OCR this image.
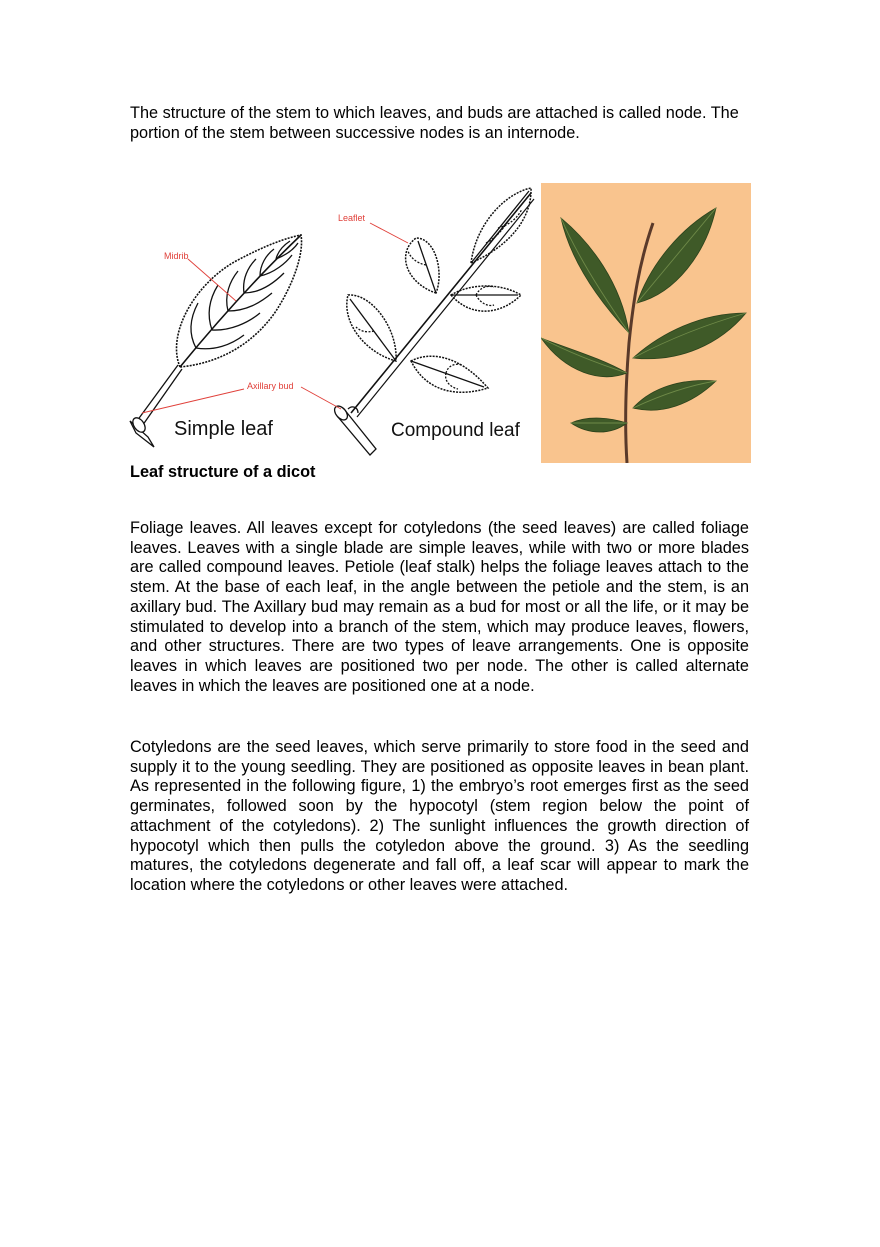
The structure of the stem to which leaves, and buds are attached is called node. The portion of the stem between successive nodes is an internode.

Midrib
Leaflet
Axillary bud
Simple leaf	Compound leaf

Leaf structure of a dicot

Foliage leaves. All leaves except for cotyledons (the seed leaves) are called foliage leaves. Leaves with a single blade are simple leaves, while with two or more blades are called compound leaves. Petiole (leaf stalk) helps the foliage leaves attach to the stem. At the base of each leaf, in the angle between the petiole and the stem, is an axillary bud. The Axillary bud may remain as a bud for most or all the life, or it may be stimulated to develop into a branch of the stem, which may produce leaves, flowers, and other structures. There are two types of leave arrangements. One is opposite leaves in which leaves are positioned two per node. The other is called alternate leaves in which the leaves are positioned one at a node.

Cotyledons are the seed leaves, which serve primarily to store food in the seed and supply it to the young seedling. They are positioned as opposite leaves in bean plant. As represented in the following figure, 1) the embryo’s root emerges first as the seed germinates, followed soon by the hypocotyl (stem region below the point of attachment of the cotyledons). 2) The sunlight influences the growth direction of hypocotyl which then pulls the cotyledon above the ground. 3) As the seedling matures, the cotyledons degenerate and fall off, a leaf scar will appear to mark the location where the cotyledons or other leaves were attached.
